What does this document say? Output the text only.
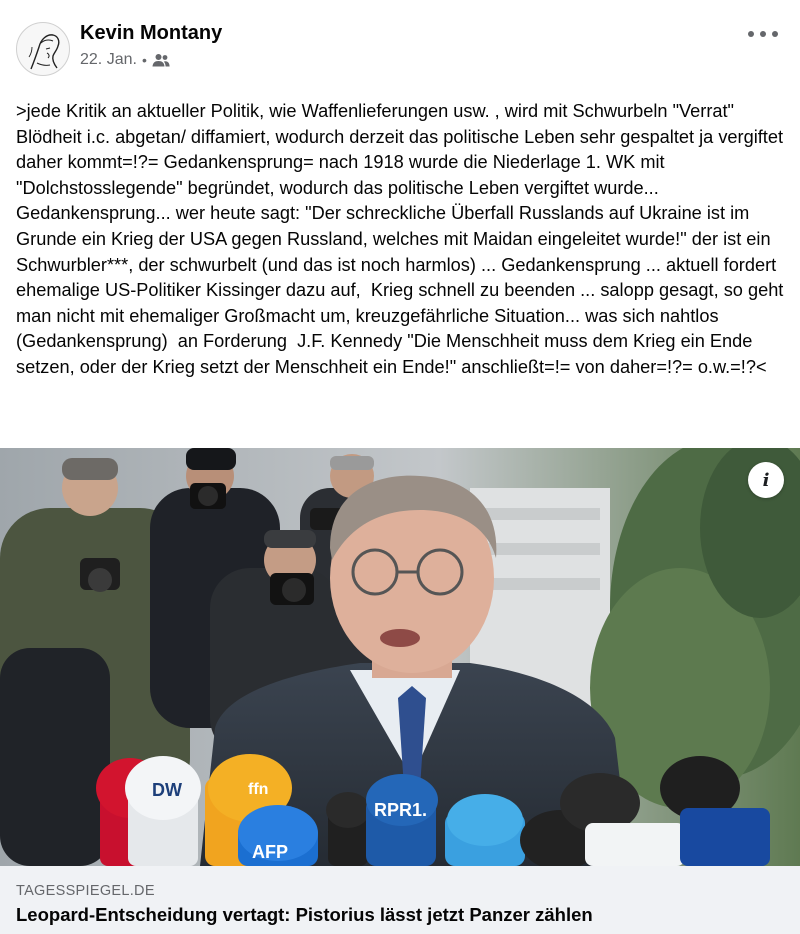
Kevin Montany
22. Jan. •
>jede Kritik an aktueller Politik, wie Waffenlieferungen usw. , wird mit Schwurbeln "Verrat" Blödheit i.c. abgetan/ diffamiert, wodurch derzeit das politische Leben sehr gespaltet ja vergiftet daher kommt=!?= Gedankensprung= nach 1918 wurde die Niederlage 1. WK mit "Dolchstosslegende" begründet, wodurch das politische Leben vergiftet wurde... Gedankensprung... wer heute sagt: "Der schreckliche Überfall Russlands auf Ukraine ist im Grunde ein Krieg der USA gegen Russland, welches mit Maidan eingeleitet wurde!" der ist ein Schwurbler***, der schwurbelt (und das ist noch harmlos) ... Gedankensprung ... aktuell fordert ehemalige US-Politiker Kissinger dazu auf,  Krieg schnell zu beenden ... salopp gesagt, so geht man nicht mit ehemaliger Großmacht um, kreuzgefährliche Situation... was sich nahtlos (Gedankensprung)  an Forderung  J.F. Kennedy "Die Menschheit muss dem Krieg ein Ende setzen, oder der Krieg setzt der Menschheit ein Ende!" anschließt=!= von daher=!?= o.w.=!?<
DW	ffn
RPR1.
AFP
i
TAGESSPIEGEL.DE
Leopard-Entscheidung vertagt: Pistorius lässt jetzt Panzer zählen
